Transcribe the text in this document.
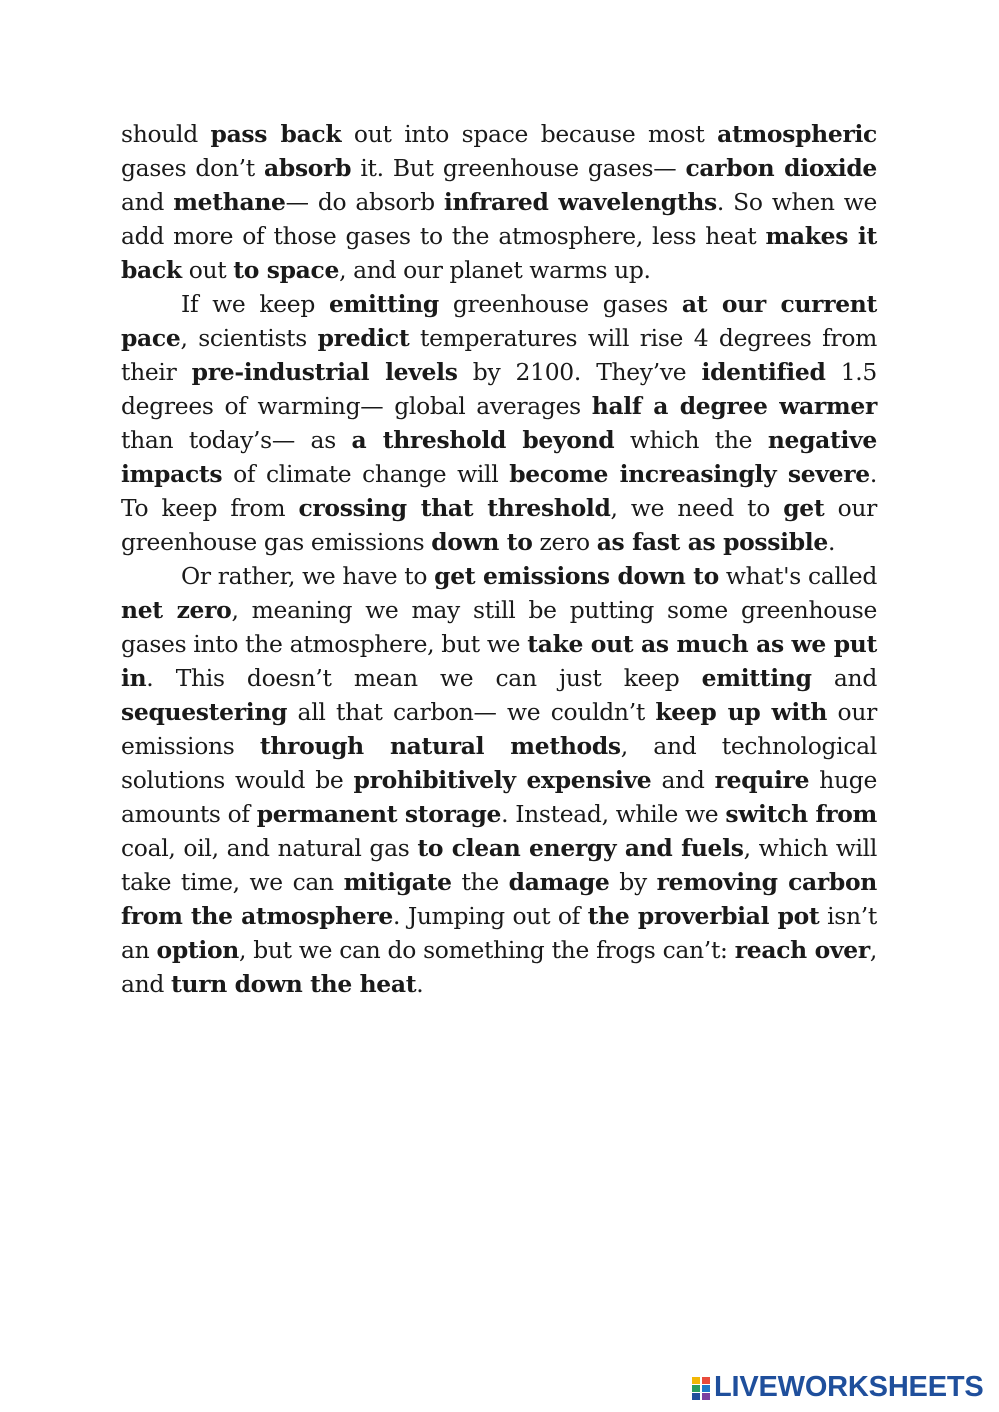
should pass back out into space because most atmospheric gases don’t absorb it. But greenhouse gases— carbon dioxide and methane— do absorb infrared wavelengths. So when we add more of those gases to the atmosphere, less heat makes it back out to space, and our planet warms up.

If we keep emitting greenhouse gases at our current pace, scientists predict temperatures will rise 4 degrees from their pre-industrial levels by 2100. They’ve identified 1.5 degrees of warming— global averages half a degree warmer than today’s— as a threshold beyond which the negative impacts of climate change will become increasingly severe. To keep from crossing that threshold, we need to get our greenhouse gas emissions down to zero as fast as possible.

Or rather, we have to get emissions down to what's called net zero, meaning we may still be putting some greenhouse gases into the atmosphere, but we take out as much as we put in. This doesn’t mean we can just keep emitting and sequestering all that carbon— we couldn’t keep up with our emissions through natural methods, and technological solutions would be prohibitively expensive and require huge amounts of permanent storage. Instead, while we switch from coal, oil, and natural gas to clean energy and fuels, which will take time, we can mitigate the damage by removing carbon from the atmosphere. Jumping out of the proverbial pot isn’t an option, but we can do something the frogs can’t: reach over, and turn down the heat.

LIVEWORKSHEETS
